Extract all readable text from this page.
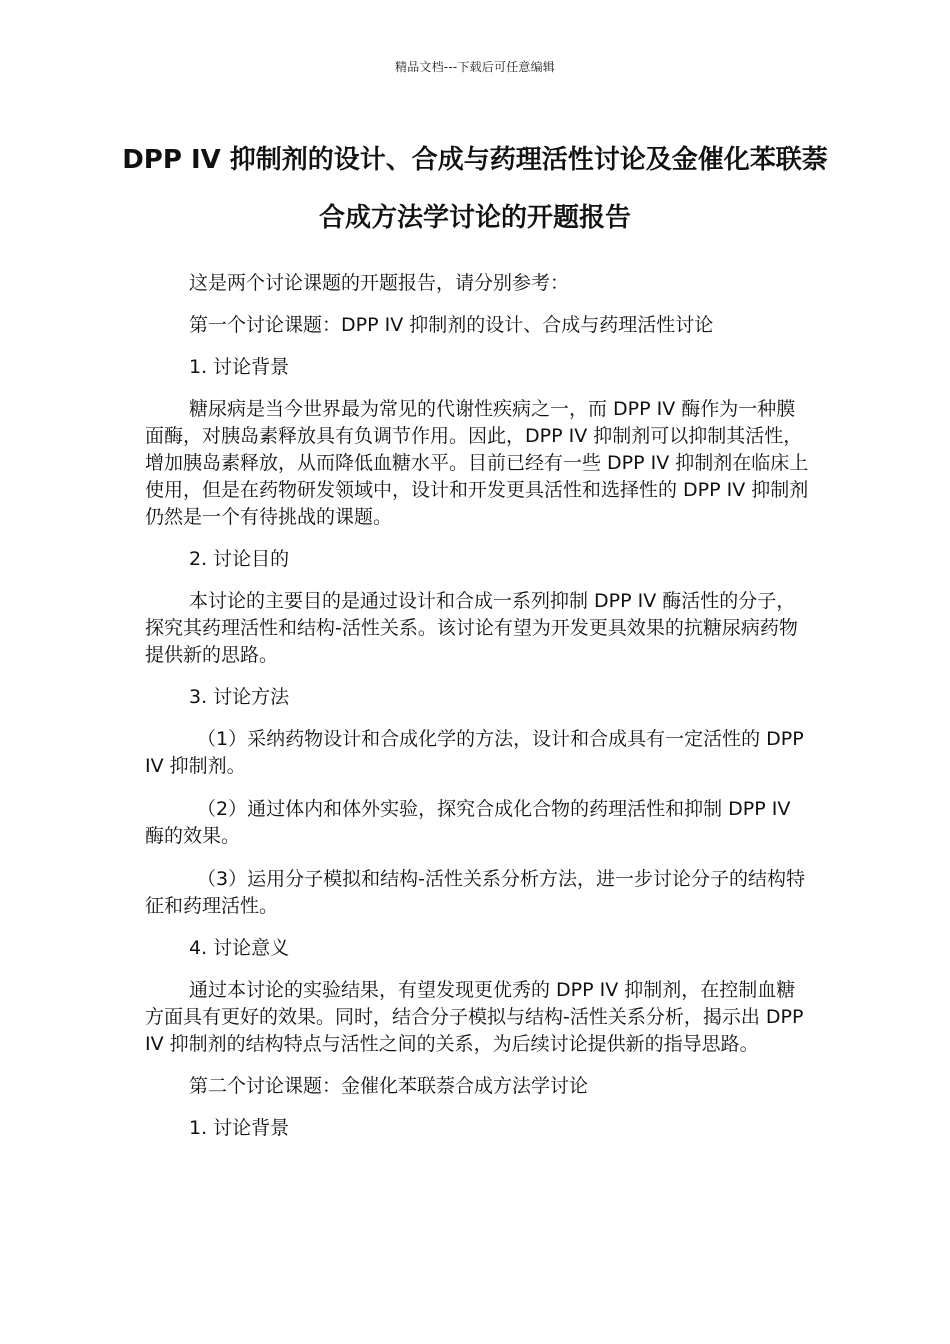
精品文档---下载后可任意编辑
DPP IV 抑制剂的设计、合成与药理活性讨论及金催化苯联萘合成方法学讨论的开题报告

这是两个讨论课题的开题报告，请分别参考：

第一个讨论课题：DPP IV 抑制剂的设计、合成与药理活性讨论

1. 讨论背景

糖尿病是当今世界最为常见的代谢性疾病之一，而 DPP IV 酶作为一种膜面酶，对胰岛素释放具有负调节作用。因此，DPP IV 抑制剂可以抑制其活性，增加胰岛素释放，从而降低血糖水平。目前已经有一些 DPP IV 抑制剂在临床上使用，但是在药物研发领域中，设计和开发更具活性和选择性的 DPP IV 抑制剂仍然是一个有待挑战的课题。

2. 讨论目的

本讨论的主要目的是通过设计和合成一系列抑制 DPP IV 酶活性的分子，探究其药理活性和结构-活性关系。该讨论有望为开发更具效果的抗糖尿病药物提供新的思路。

3. 讨论方法

（1）采纳药物设计和合成化学的方法，设计和合成具有一定活性的 DPP IV 抑制剂。

（2）通过体内和体外实验，探究合成化合物的药理活性和抑制 DPP IV 酶的效果。

（3）运用分子模拟和结构-活性关系分析方法，进一步讨论分子的结构特征和药理活性。

4. 讨论意义

通过本讨论的实验结果，有望发现更优秀的 DPP IV 抑制剂，在控制血糖方面具有更好的效果。同时，结合分子模拟与结构-活性关系分析，揭示出 DPP IV 抑制剂的结构特点与活性之间的关系，为后续讨论提供新的指导思路。

第二个讨论课题：金催化苯联萘合成方法学讨论

1. 讨论背景
